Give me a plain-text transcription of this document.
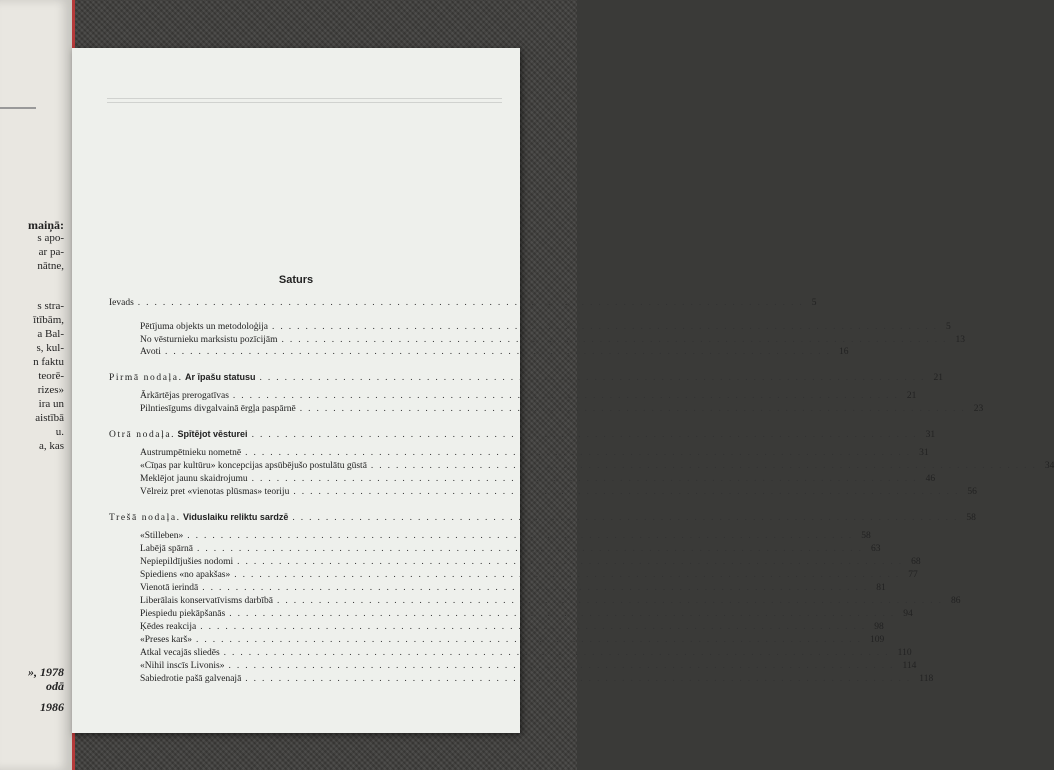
maiņā:
s apo-
ar pa-
nātne,
s stra-
ītībām,
a Bal-
s, kul-
n faktu
teorē-
rizes»
ira un
aistībā
u.
a, kas
», 1978
odā
1986
Saturs
Ievads ................................................................................ 5
Pētījuma objekts un metodoloģija ................................................................................ 5
No vēsturnieku marksistu pozīcijām ................................................................................ 13
Avoti ................................................................................ 16
Pirmā nodaļa. Ar īpašu statusu ................................................................................ 21
Ārkārtējas prerogatīvas ................................................................................ 21
Pilntiesīgums divgalvainā ērgļa paspārnē ................................................................................ 23
Otrā nodaļa. Spītējot vēsturei ................................................................................ 31
Austrumpētnieku nometnē ................................................................................ 31
«Cīņas par kultūru» koncepcijas apsūbējušo postulātu gūstā ................................................................................ 34
Meklējot jaunu skaidrojumu ................................................................................ 46
Vēlreiz pret «vienotas plūsmas» teoriju ................................................................................ 56
Trešā nodaļa. Viduslaiku reliktu sardzē ................................................................................ 58
«Stilleben» ................................................................................ 58
Labējā spārnā ................................................................................ 63
Nepiepildījušies nodomi ................................................................................ 68
Spiediens «no apakšas» ................................................................................ 77
Vienotā ierindā ................................................................................ 81
Liberālais konservatīvisms darbībā ................................................................................ 86
Piespiedu piekāpšanās ................................................................................ 94
Ķēdes reakcija ................................................................................ 98
«Preses karš» ................................................................................ 109
Atkal vecajās sliedēs ................................................................................ 110
«Nihil inscīs Livonis» ................................................................................ 114
Sabiedrotie pašā galvenajā ................................................................................ 118
